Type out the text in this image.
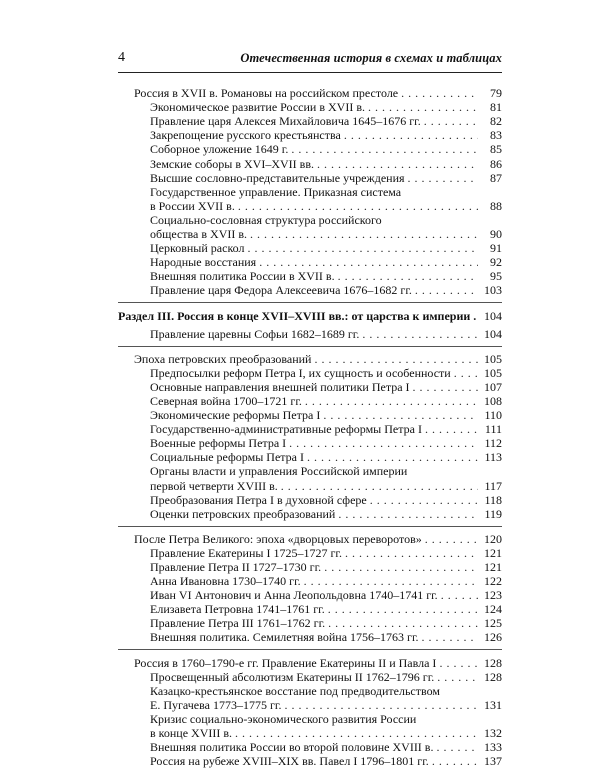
4	Отечественная история в схемах и таблицах
Россия в XVII в. Романовы на российском престоле . . .	79
Экономическое развитие России в XVII в. . . .	81
Правление царя Алексея Михайловича 1645–1676 гг. . . .	82
Закрепощение русского крестьянства . . .	83
Соборное уложение 1649 г. . . .	85
Земские соборы в XVI–XVII вв. . . .	86
Высшие сословно-представительные учреждения . . .	87
Государственное управление. Приказная система
в России XVII в. . . .	88
Социально-сословная структура российского
общества в XVII в. . . .	90
Церковный раскол . . .	91
Народные восстания . . .	92
Внешняя политика России в XVII в. . . .	95
Правление царя Федора Алексеевича 1676–1682 гг. . . .	103
Раздел III. Россия в конце XVII–XVIII вв.: от царства к империи . . .	104
Правление царевны Софьи 1682–1689 гг. . . .	104
Эпоха петровских преобразований . . .	105
Предпосылки реформ Петра I, их сущность и особенности . . .	105
Основные направления внешней политики Петра I . . .	107
Северная война 1700–1721 гг. . . .	108
Экономические реформы Петра I . . .	110
Государственно-административные реформы Петра I . . .	111
Военные реформы Петра I . . .	112
Социальные реформы Петра I . . .	113
Органы власти и управления Российской империи
первой четверти XVIII в. . . .	117
Преобразования Петра I в духовной сфере . . .	118
Оценки петровских преобразований . . .	119
После Петра Великого: эпоха «дворцовых переворотов» . . .	120
Правление Екатерины I 1725–1727 гг. . . .	121
Правление Петра II 1727–1730 гг. . . .	121
Анна Ивановна 1730–1740 гг. . . .	122
Иван VI Антонович и Анна Леопольдовна 1740–1741 гг. . . .	123
Елизавета Петровна 1741–1761 гг. . . .	124
Правление Петра III 1761–1762 гг. . . .	125
Внешняя политика. Семилетняя война 1756–1763 гг. . . .	126
Россия в 1760–1790-е гг. Правление Екатерины II и Павла I . . .	128
Просвещенный абсолютизм Екатерины II 1762–1796 гг. . . .	128
Казацко-крестьянское восстание под предводительством
Е. Пугачева 1773–1775 гг. . . .	131
Кризис социально-экономического развития России
в конце XVIII в. . . .	132
Внешняя политика России во второй половине XVIII в. . . .	133
Россия на рубеже XVIII–XIX вв. Павел I 1796–1801 гг. . . .	137
